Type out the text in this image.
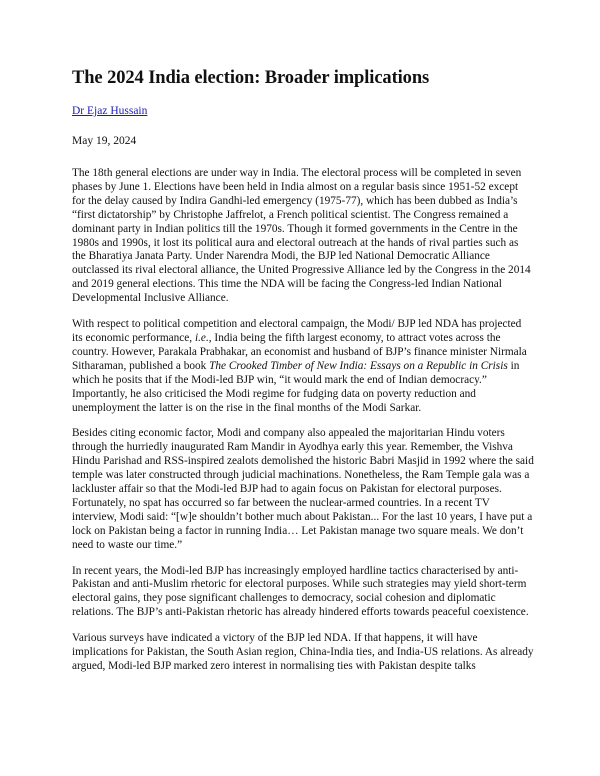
The 2024 India election: Broader implications
Dr Ejaz Hussain
May 19, 2024

The 18th general elections are under way in India. The electoral process will be completed in seven phases by June 1. Elections have been held in India almost on a regular basis since 1951-52 except for the delay caused by Indira Gandhi-led emergency (1975-77), which has been dubbed as India’s “first dictatorship” by Christophe Jaffrelot, a French political scientist. The Congress remained a dominant party in Indian politics till the 1970s. Though it formed governments in the Centre in the 1980s and 1990s, it lost its political aura and electoral outreach at the hands of rival parties such as the Bharatiya Janata Party. Under Narendra Modi, the BJP led National Democratic Alliance outclassed its rival electoral alliance, the United Progressive Alliance led by the Congress in the 2014 and 2019 general elections. This time the NDA will be facing the Congress-led Indian National Developmental Inclusive Alliance.

With respect to political competition and electoral campaign, the Modi/ BJP led NDA has projected its economic performance, i.e., India being the fifth largest economy, to attract votes across the country. However, Parakala Prabhakar, an economist and husband of BJP’s finance minister Nirmala Sitharaman, published a book The Crooked Timber of New India: Essays on a Republic in Crisis in which he posits that if the Modi-led BJP win, “it would mark the end of Indian democracy.” Importantly, he also criticised the Modi regime for fudging data on poverty reduction and unemployment the latter is on the rise in the final months of the Modi Sarkar.

Besides citing economic factor, Modi and company also appealed the majoritarian Hindu voters through the hurriedly inaugurated Ram Mandir in Ayodhya early this year. Remember, the Vishva Hindu Parishad and RSS-inspired zealots demolished the historic Babri Masjid in 1992 where the said temple was later constructed through judicial machinations. Nonetheless, the Ram Temple gala was a lackluster affair so that the Modi-led BJP had to again focus on Pakistan for electoral purposes. Fortunately, no spat has occurred so far between the nuclear-armed countries. In a recent TV interview, Modi said: “[w]e shouldn’t bother much about Pakistan... For the last 10 years, I have put a lock on Pakistan being a factor in running India… Let Pakistan manage two square meals. We don’t need to waste our time.”

In recent years, the Modi-led BJP has increasingly employed hardline tactics characterised by anti-Pakistan and anti-Muslim rhetoric for electoral purposes. While such strategies may yield short-term electoral gains, they pose significant challenges to democracy, social cohesion and diplomatic relations. The BJP’s anti-Pakistan rhetoric has already hindered efforts towards peaceful coexistence.

Various surveys have indicated a victory of the BJP led NDA. If that happens, it will have implications for Pakistan, the South Asian region, China-India ties, and India-US relations. As already argued, Modi-led BJP marked zero interest in normalising ties with Pakistan despite talks
